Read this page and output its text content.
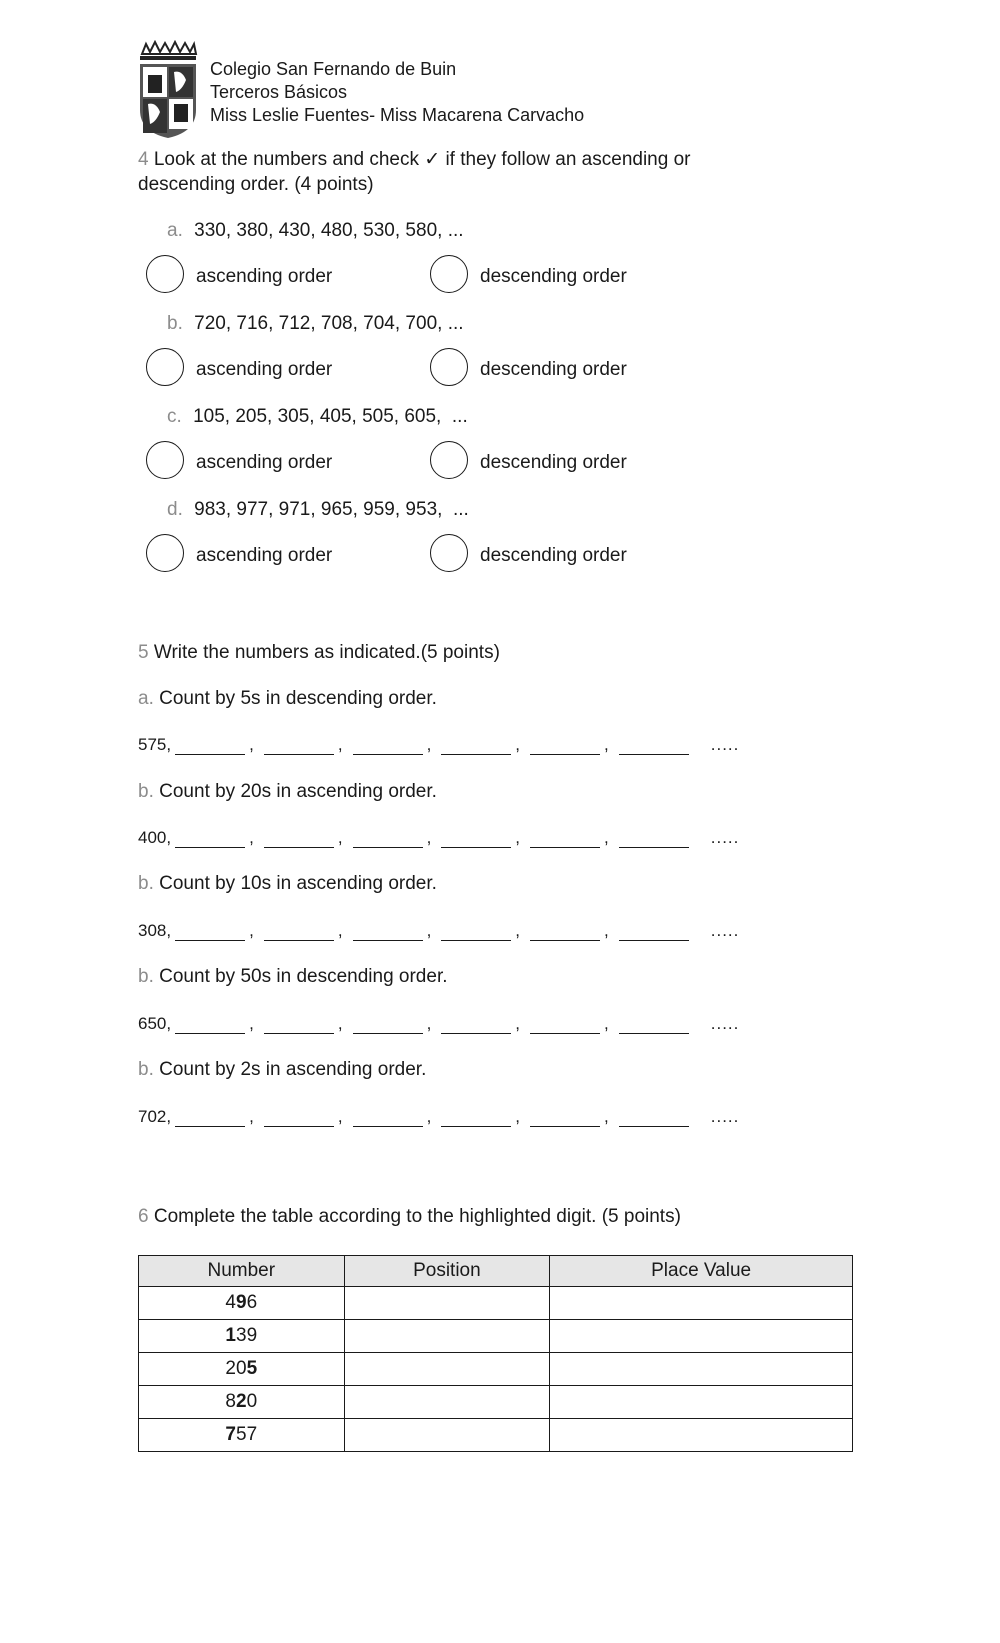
Colegio San Fernando de Buin
Terceros Básicos
Miss Leslie Fuentes- Miss Macarena Carvacho
4 Look at the numbers and check ✓ if they follow an ascending or
descending order. (4 points)
a. 330, 380, 430, 480, 530, 580, ...
ascending order	descending order
b. 720, 716, 712, 708, 704, 700, ...
ascending order	descending order
c. 105, 205, 305, 405, 505, 605,  ...
ascending order	descending order
d. 983, 977, 971, 965, 959, 953,  ...
ascending order	descending order
5 Write the numbers as indicated.(5 points)
a. Count by 5s in descending order.
575,	,	,	,	,	,	.....
b. Count by 20s in ascending order.
400,	,	,	,	,	,	.....
b. Count by 10s in ascending order.
308,	,	,	,	,	,	.....
b. Count by 50s in descending order.
650,	,	,	,	,	,	.....
b. Count by 2s in ascending order.
702,	,	,	,	,	,	.....
6 Complete the table according to the highlighted digit. (5 points)
Number	Position	Place Value
496		
139		
205		
820		
757		
